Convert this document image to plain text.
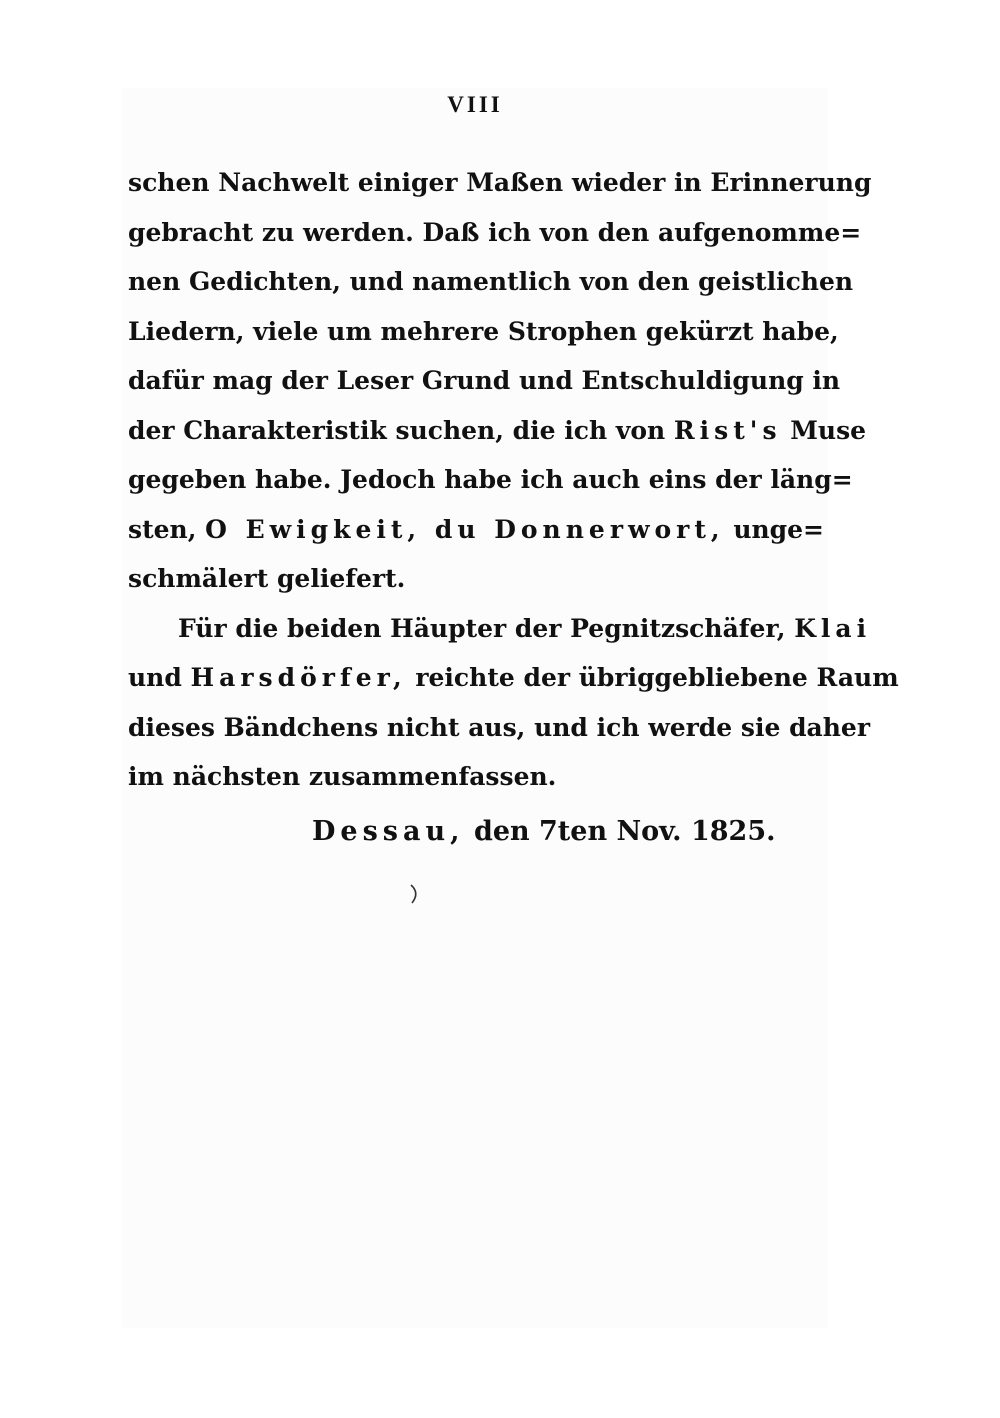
VIII
schen Nachwelt einiger Maßen wieder in Erinnerung
gebracht zu werden. Daß ich von den aufgenomme=
nen Gedichten, und namentlich von den geistlichen
Liedern, viele um mehrere Strophen gekürzt habe,
dafür mag der Leser Grund und Entschuldigung in
der Charakteristik suchen, die ich von Rist's Muse
gegeben habe. Jedoch habe ich auch eins der läng=
sten, O Ewigkeit, du Donnerwort, unge=
schmälert geliefert.
Für die beiden Häupter der Pegnitzschäfer, Klai
und Harsdörfer, reichte der übriggebliebene Raum
dieses Bändchens nicht aus, und ich werde sie daher
im nächsten zusammenfassen.
Dessau, den 7ten Nov. 1825.
